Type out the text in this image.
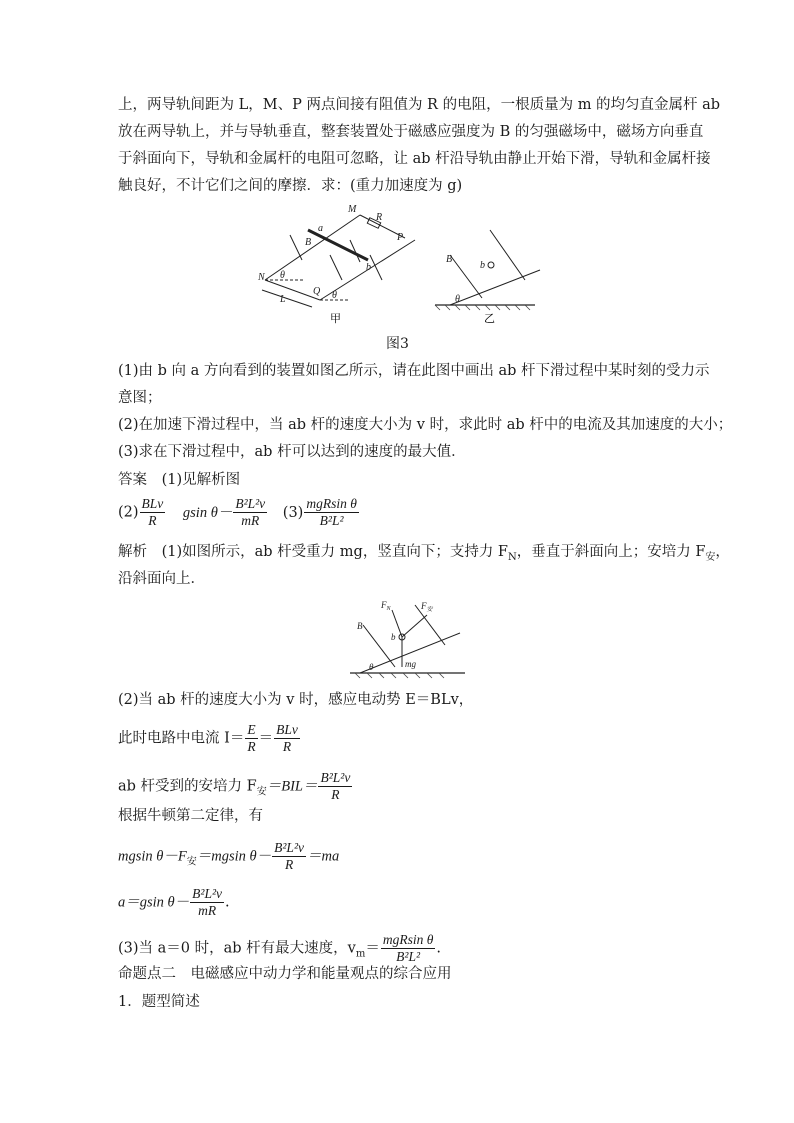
上，两导轨间距为 L，M、P 两点间接有阻值为 R 的电阻，一根质量为 m 的均匀直金属杆 ab
放在两导轨上，并与导轨垂直，整套装置处于磁感应强度为 B 的匀强磁场中，磁场方向垂直
于斜面向下，导轨和金属杆的电阻可忽略，让 ab 杆沿导轨由静止开始下滑，导轨和金属杆接
触良好，不计它们之间的摩擦．求：(重力加速度为 g)
M
R
a
P
B
b
N θ
L
Q θ
B
b
θ
甲	乙
图3
(1)由 b 向 a 方向看到的装置如图乙所示，请在此图中画出 ab 杆下滑过程中某时刻的受力示
意图；
(2)在加速下滑过程中，当 ab 杆的速度大小为 v 时，求此时 ab 杆中的电流及其加速度的大小；
(3)求在下滑过程中，ab 杆可以达到的速度的最大值．
答案 (1)见解析图
$(2) \frac{\text{BLv}}{R}$ gsin $\theta- \frac{\text{B²L²v}}{mR} (3) \frac{\text{mgRsin θ}}{\text{B²L²}}$
解析 (1)如图所示，ab 杆受重力 mg，竖直向下；支持力 $F_N$，垂直于斜面向上；安培力 $F_安$，
沿斜面向上．
$F_N$	$F_安$
B
b
θ	mg
(2)当 ab 杆的速度大小为 v 时，感应电动势 E＝BLv，
此时电路中电流 $I= \frac{E}{R} = \frac{\text{BLv}}{R}$
ab 杆受到的安培力 $F_安=BIL= \frac{\text{B²L²v}}{R}$
根据牛顿第二定律，有
mgsin $\theta-F_安=mgsin$ $\theta- \frac{\text{B²L²v}}{R} =ma$
a＝gsin $\theta- \frac{\text{B²L²v}}{mR}$ .
(3)当 a＝0 时，ab 杆有最大速度，$v_m= \frac{\text{mgRsin θ}}{\text{B²L²}}$ .
命题点二　电磁感应中动力学和能量观点的综合应用
1．题型简述
